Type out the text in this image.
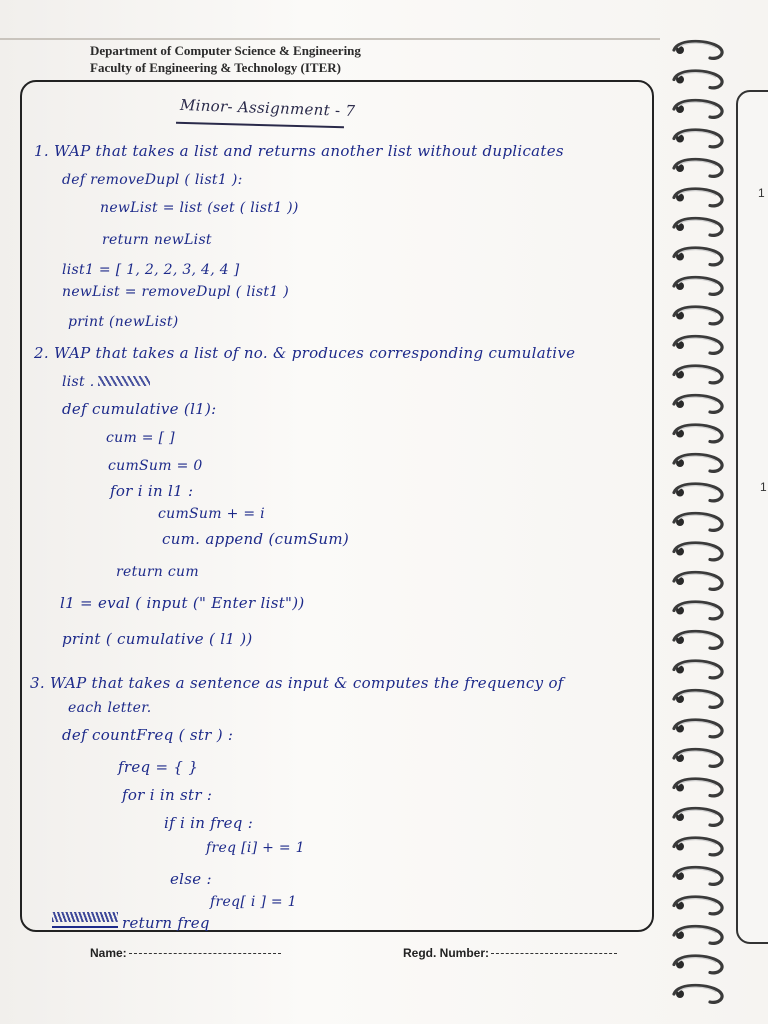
Department of Computer Science & Engineering
Faculty of Engineering & Technology (ITER)
Minor- Assignment - 7
1. WAP that takes a list and returns another list without duplicates
def removeDupl ( list1 ):
newList = list (set ( list1 ))
return newList
list1 = [ 1, 2, 2, 3, 4, 4 ]
newList = removeDupl ( list1 )
print (newList)
2. WAP that takes a list of no. & produces corresponding cumulative
list .
def cumulative (l1):
cum = [ ]
cumSum = 0
for i in l1 :
cumSum + = i
cum. append (cumSum)
return cum
l1 = eval ( input (" Enter list"))
print ( cumulative ( l1 ))
3. WAP that takes a sentence as input & computes the frequency of
each letter.
def countFreq ( str ) :
freq = { }
for i in str :
if i in freq :
freq [i] + = 1
else :
freq[ i ] = 1
return freq
Name:	Regd. Number:
1
1
